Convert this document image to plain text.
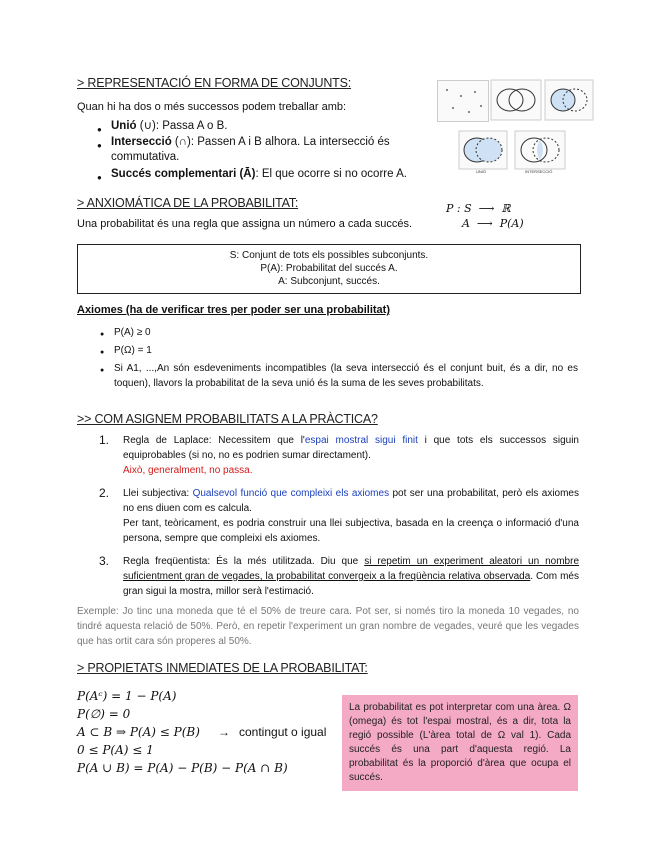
> REPRESENTACIÓ EN FORMA DE CONJUNTS:
Quan hi ha dos o més successos podem treballar amb:
● Unió (∪): Passa A o B.
● Intersecció (∩): Passen A i B alhora. La intersecció és commutativa.
● Succés complementari (Ā): El que ocorre si no ocorre A.	UNIÓ	INTERSECCIÓ
> ANXIOMÁTICA DE LA PROBABILITAT:
Una probabilitat és una regla que assigna un número a cada succés.
P : S  ⟶  ℝ
A  ⟶  P(A)
S: Conjunt de tots els possibles subconjunts.
P(A): Probabilitat del succés A.
A: Subconjunt, succés.
Axiomes (ha de verificar tres per poder ser una probabilitat)
● P(A) ≥ 0
● P(Ω) = 1
● Si A1, ...,An són esdeveniments incompatibles (la seva intersecció és el conjunt buit, és a dir, no es toquen), llavors la probabilitat de la seva unió és la suma de les seves probabilitats.
>> COM ASIGNEM PROBABILITATS A LA PRÀCTICA?
1. Regla de Laplace: Necessitem que l'espai mostral sigui finit i que tots els successos siguin equiprobables (si no, no es podrien sumar directament).
Això, generalment, no passa.
2. Llei subjectiva: Qualsevol funció que compleixi els axiomes pot ser una probabilitat, però els axiomes no ens diuen com es calcula.
Per tant, teòricament, es podria construir una llei subjectiva, basada en la creença o informació d'una persona, sempre que compleixi els axiomes.
3. Regla freqüentista: És la més utilitzada. Diu que si repetim un experiment aleatori un nombre suficientment gran de vegades, la probabilitat convergeix a la freqüència relativa observada. Com més gran sigui la mostra, millor serà l'estimació.
Exemple: Jo tinc una moneda que té el 50% de treure cara. Pot ser, si només tiro la moneda 10 vegades, no tindré aquesta relació de 50%. Però, en repetir l'experiment un gran nombre de vegades, veuré que les vegades que has ortit cara són properes al 50%.
> PROPIETATS INMEDIATES DE LA PROBABILITAT:
P(Aᶜ) = 1 − P(A)
P(∅) = 0
A ⊂ B ⇒ P(A) ≤ P(B) → contingut o igual
0 ≤ P(A) ≤ 1
P(A ∪ B) = P(A) − P(B) − P(A ∩ B)
La probabilitat es pot interpretar com una àrea. Ω (omega) és tot l'espai mostral, és a dir, tota la regió possible (L'àrea total de Ω val 1). Cada succés és una part d'aquesta regió. La probabilitat és la proporció d'àrea que ocupa el succés.
